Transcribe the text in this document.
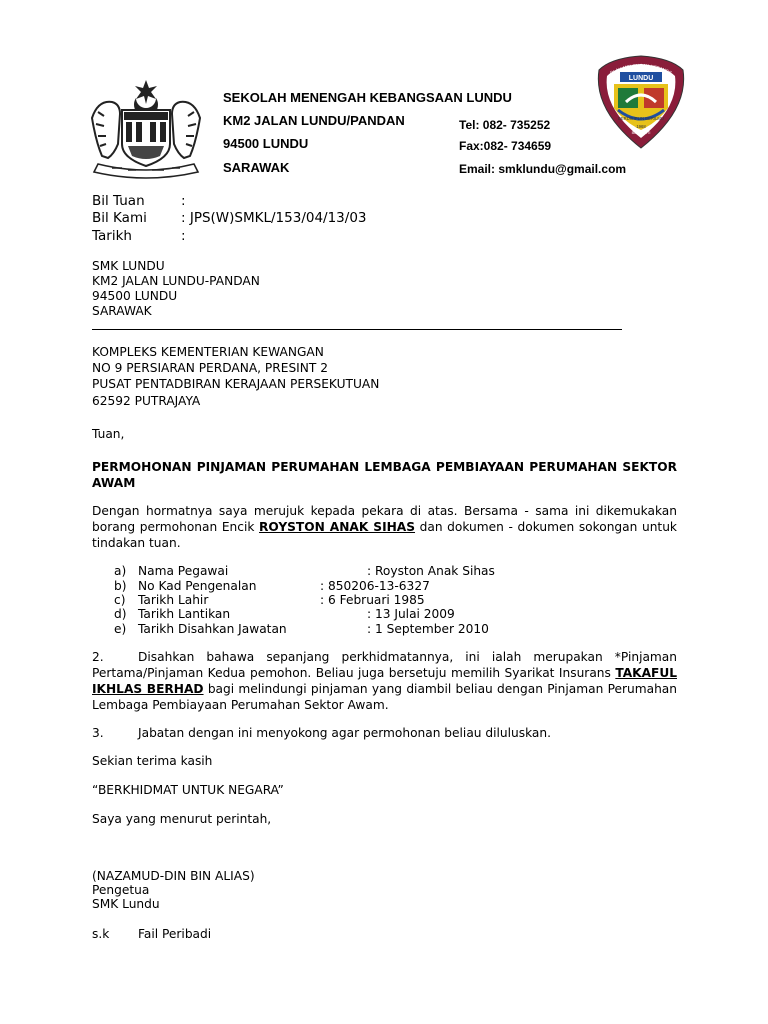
SEKOLAH MENENGAH KEBANGSAAN LUNDU
KM2 JALAN LUNDU/PANDAN
94500 LUNDU
SARAWAK
Tel: 082- 735252
Fax:082- 734659
Email: smklundu@gmail.com
LUNDU
BERDISIPLIN BERILMU
1968
BERBAKTI
OLAH MENENGAH KEBANGS
Bil Tuan	:
Bil Kami	: JPS(W)SMKL/153/04/13/03
Tarikh	:
SMK LUNDU
KM2 JALAN LUNDU-PANDAN
94500 LUNDU
SARAWAK
KOMPLEKS KEMENTERIAN KEWANGAN
NO 9 PERSIARAN PERDANA, PRESINT 2
PUSAT PENTADBIRAN KERAJAAN PERSEKUTUAN
62592 PUTRAJAYA
Tuan,
PERMOHONAN PINJAMAN PERUMAHAN LEMBAGA PEMBIAYAAN PERUMAHAN SEKTOR AWAM
Dengan hormatnya saya merujuk kepada pekara di atas. Bersama - sama ini dikemukakan borang permohonan Encik ROYSTON ANAK SIHAS dan dokumen - dokumen sokongan untuk tindakan tuan.
a) Nama Pegawai	: Royston Anak Sihas
b) No Kad Pengenalan	: 850206-13-6327
c) Tarikh Lahir	: 6 Februari 1985
d) Tarikh Lantikan	: 13 Julai 2009
e) Tarikh Disahkan Jawatan	: 1 September 2010
2.	Disahkan bahawa sepanjang perkhidmatannya, ini ialah merupakan *Pinjaman Pertama/Pinjaman Kedua pemohon. Beliau juga bersetuju memilih Syarikat Insurans TAKAFUL IKHLAS BERHAD bagi melindungi pinjaman yang diambil beliau dengan Pinjaman Perumahan Lembaga Pembiayaan Perumahan Sektor Awam.
3.	Jabatan dengan ini menyokong agar permohonan beliau diluluskan.
Sekian terima kasih
“BERKHIDMAT UNTUK NEGARA”
Saya yang menurut perintah,
(NAZAMUD-DIN BIN ALIAS)
Pengetua
SMK Lundu
s.k Fail Peribadi
